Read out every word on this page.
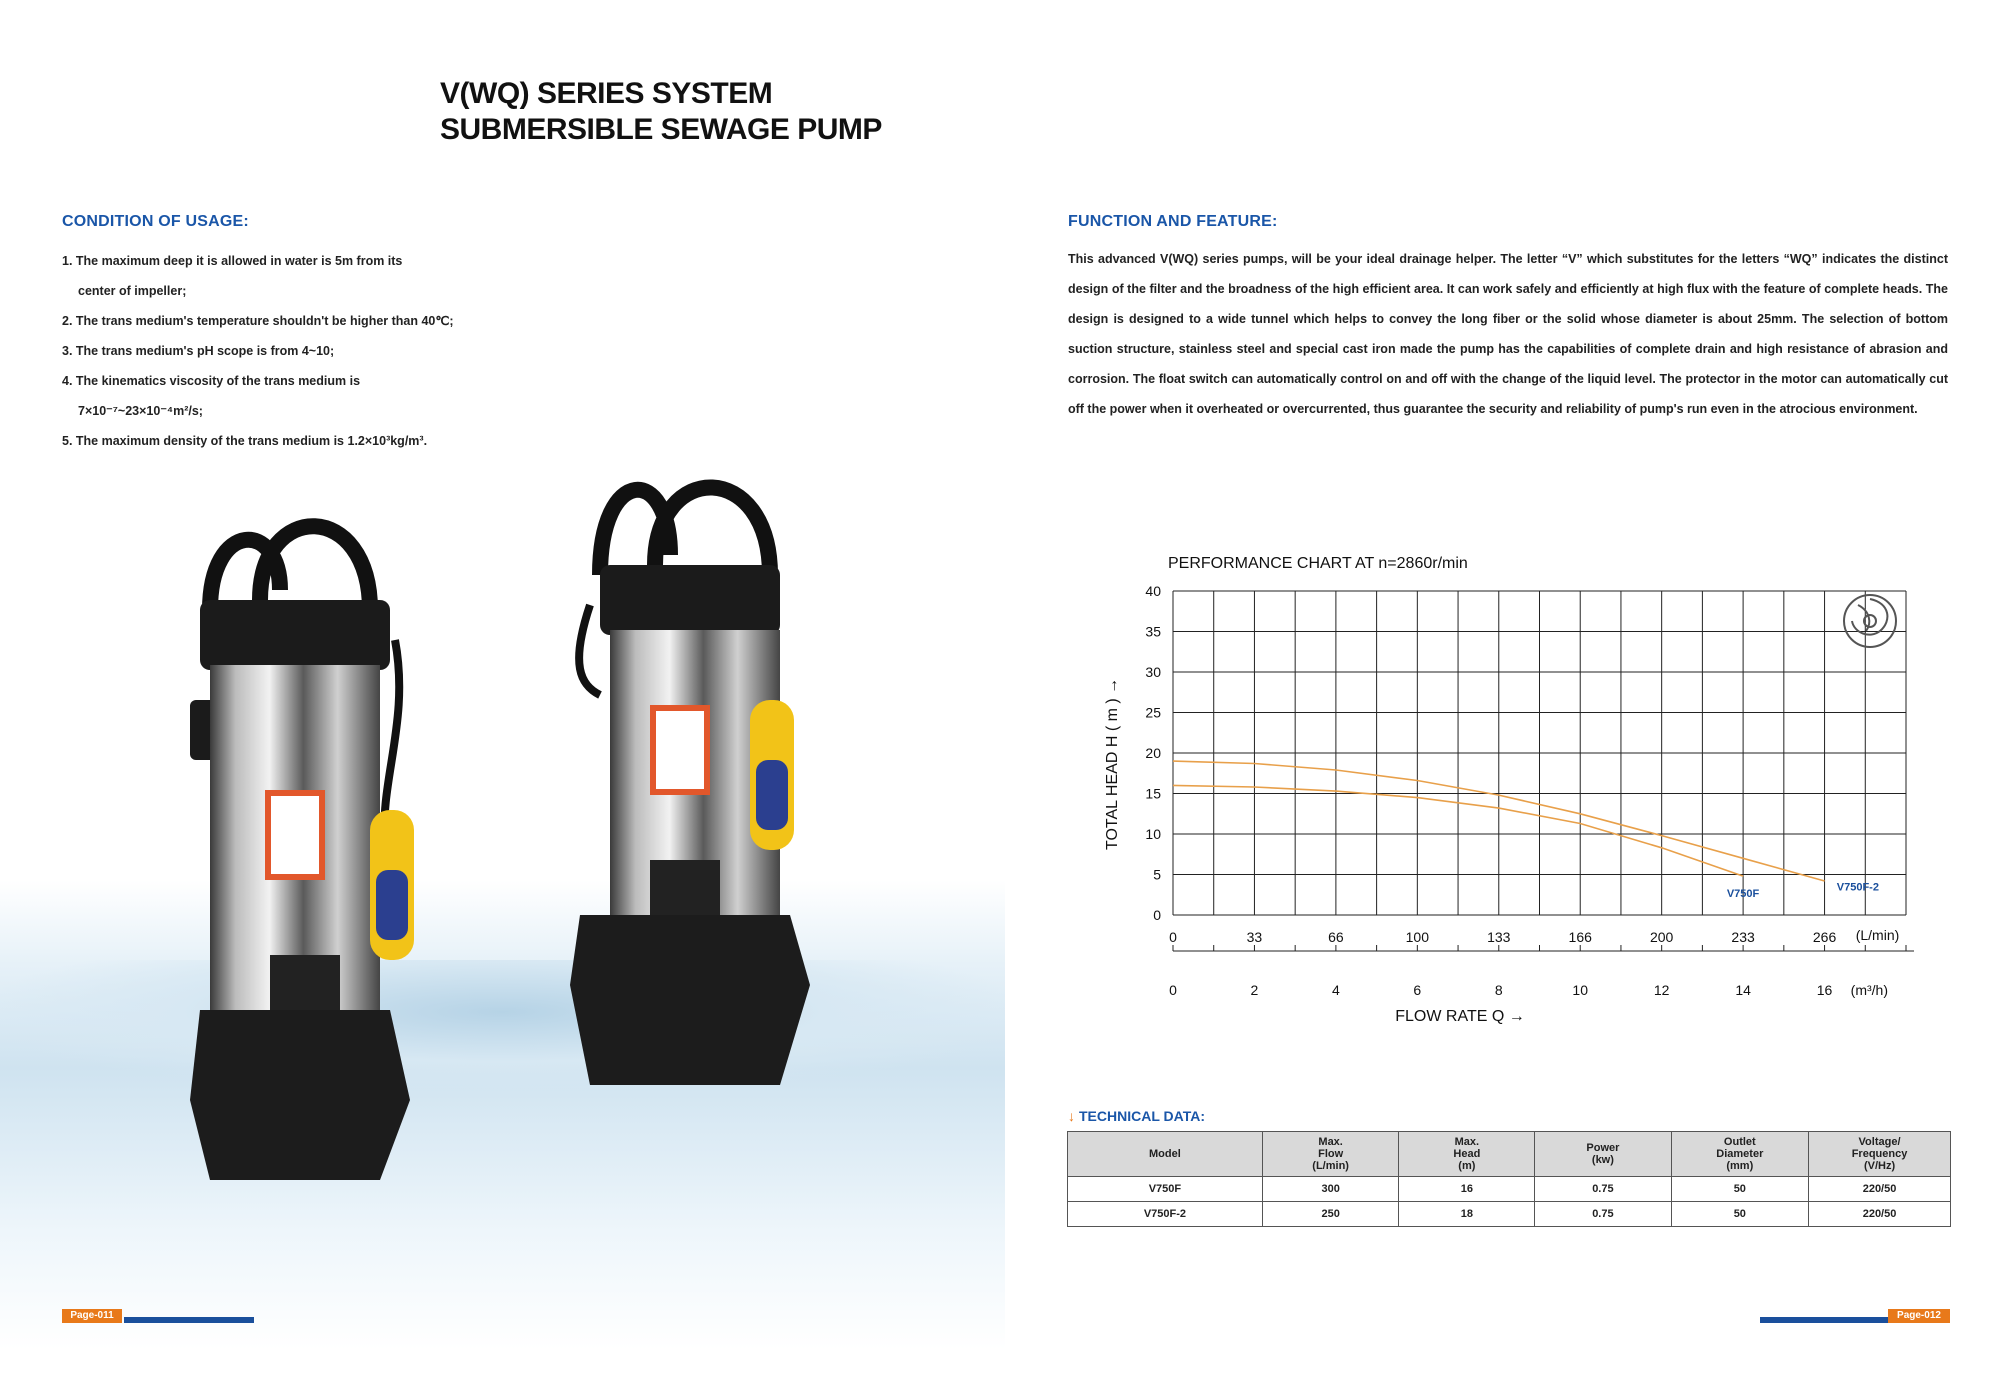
V(WQ) SERIES SYSTEM
SUBMERSIBLE SEWAGE PUMP
CONDITION OF USAGE:
1. The maximum deep it is allowed in water is 5m from its
center of impeller;
2. The trans medium's temperature shouldn't be higher than 40℃;
3. The trans medium's pH scope is from 4~10;
4. The kinematics viscosity of the trans medium is
7×10⁻⁷~23×10⁻⁴m²/s;
5. The maximum density of the trans medium is 1.2×10³kg/m³.
Page-011
FUNCTION AND FEATURE:
This advanced V(WQ) series pumps, will be your ideal drainage helper. The letter “V” which substitutes for the letters “WQ” indicates the distinct design of the filter and the broadness of the high efficient area. It can work safely and efficiently at high flux with the feature of complete heads. The design is designed to a wide tunnel which helps to convey the long fiber or the solid whose diameter is about 25mm. The selection of bottom suction structure, stainless steel and special cast iron made the pump has the capabilities of complete drain and high resistance of abrasion and corrosion. The float switch can automatically control on and off with the change of the liquid level. The protector in the motor can automatically cut off the power when it overheated or overcurrented, thus guarantee the security and reliability of pump's run even in the atrocious environment.
PERFORMANCE CHART AT n=2860r/min
0
5
10
15
20
25
30
35
40
0	33	66	100	133	166	200	233	266 (L/min)
0	2	4	6	8	10	12	14	16 (m³/h)
V750F
V750F-2
TOTAL HEAD H ( m ) →
FLOW RATE Q →
↓ TECHNICAL DATA:
Model	Max.
Flow
(L/min)	Max.
Head
(m)	Power
(kw)	Outlet
Diameter
(mm)	Voltage/
Frequency
(V/Hz)
V750F	300	16	0.75	50	220/50
V750F-2	250	18	0.75	50	220/50
Page-012
